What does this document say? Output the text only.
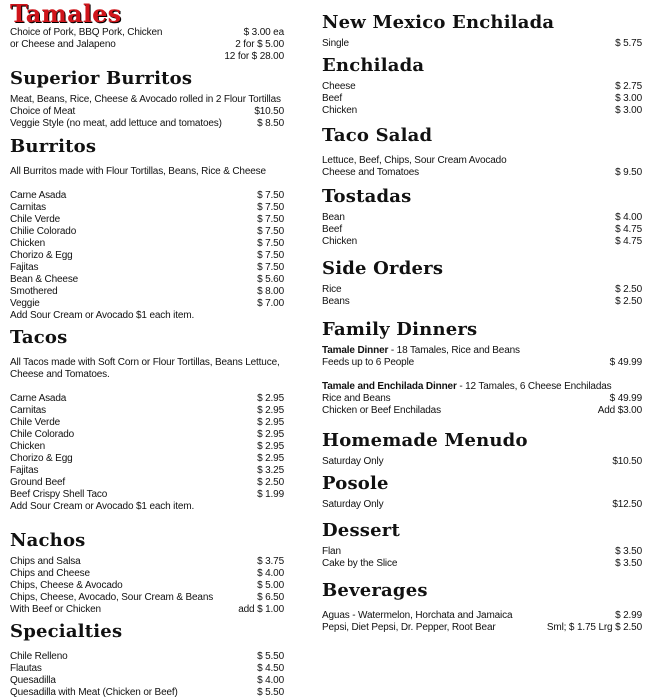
Tamales
Choice of Pork, BBQ Pork, Chicken	$ 3.00 ea
or Cheese and Jalapeno	2 for $ 5.00
12 for $ 28.00
Superior Burritos
Meat, Beans, Rice, Cheese & Avocado rolled in 2 Flour Tortillas
Choice of Meat	$10.50
Veggie Style (no meat, add lettuce and tomatoes)	$ 8.50
Burritos
All Burritos made with Flour Tortillas, Beans, Rice & Cheese
Carne Asada	$ 7.50
Carnitas	$ 7.50
Chile Verde	$ 7.50
Chilie Colorado	$ 7.50
Chicken	$ 7.50
Chorizo & Egg	$ 7.50
Fajitas	$ 7.50
Bean & Cheese	$ 5.60
Smothered	$ 8.00
Veggie	$ 7.00
Add Sour Cream or Avocado $1 each item.
Tacos
All Tacos made with Soft Corn or Flour Tortillas, Beans Lettuce,
Cheese and Tomatoes.
Carne Asada	$ 2.95
Carnitas	$ 2.95
Chile Verde	$ 2.95
Chile Colorado	$ 2.95
Chicken	$ 2.95
Chorizo & Egg	$ 2.95
Fajitas	$ 3.25
Ground Beef	$ 2.50
Beef Crispy Shell Taco	$ 1.99
Add Sour Cream or Avocado $1 each item.
Nachos
Chips and Salsa	$ 3.75
Chips and Cheese	$ 4.00
Chips, Cheese & Avocado	$ 5.00
Chips, Cheese, Avocado, Sour Cream & Beans	$ 6.50
With Beef or Chicken	add $ 1.00
Specialties
Chile Relleno	$ 5.50
Flautas	$ 4.50
Quesadilla	$ 4.00
Quesadilla with Meat (Chicken or Beef)	$ 5.50
New Mexico Enchilada
Single	$ 5.75
Enchilada
Cheese	$ 2.75
Beef	$ 3.00
Chicken	$ 3.00
Taco Salad
Lettuce, Beef, Chips, Sour Cream Avocado
Cheese and Tomatoes	$ 9.50
Tostadas
Bean	$ 4.00
Beef	$ 4.75
Chicken	$ 4.75
Side Orders
Rice	$ 2.50
Beans	$ 2.50
Family Dinners
Tamale Dinner - 18 Tamales, Rice and Beans
Feeds up to 6 People	$ 49.99
Tamale and Enchilada Dinner - 12 Tamales, 6 Cheese Enchiladas
Rice and Beans	$ 49.99
Chicken or Beef Enchiladas	Add $3.00
Homemade Menudo
Saturday Only	$10.50
Posole
Saturday Only	$12.50
Dessert
Flan	$ 3.50
Cake by the Slice	$ 3.50
Beverages
Aguas - Watermelon, Horchata and Jamaica	$ 2.99
Pepsi, Diet Pepsi, Dr. Pepper, Root Bear	Sml; $ 1.75 Lrg $ 2.50
